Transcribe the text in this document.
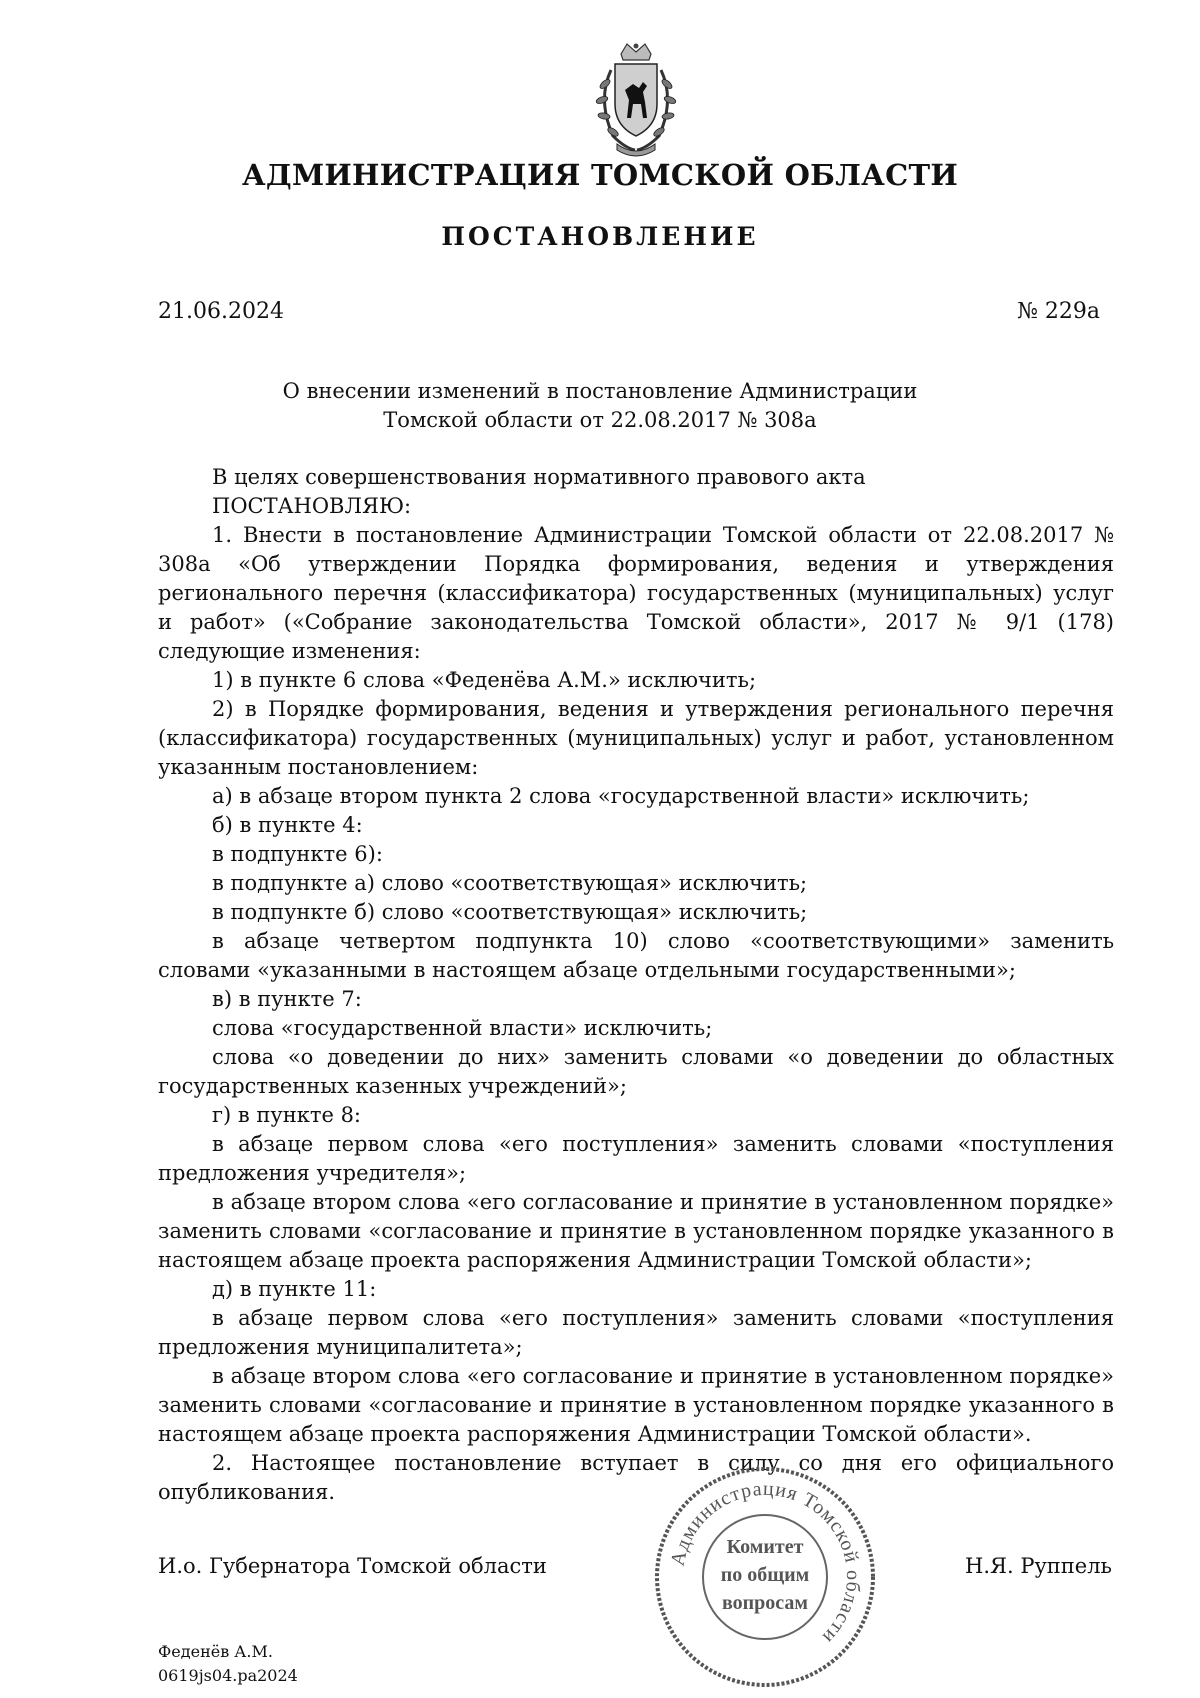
АДМИНИСТРАЦИЯ ТОМСКОЙ ОБЛАСТИ
ПОСТАНОВЛЕНИЕ
21.06.2024	№ 229а
О внесении изменений в постановление Администрации
Томской области от 22.08.2017 № 308а

В целях совершенствования нормативного правового акта

ПОСТАНОВЛЯЮ:

1. Внести в постановление Администрации Томской области от 22.08.2017 № 308а «Об утверждении Порядка формирования, ведения и утверждения регионального перечня (классификатора) государственных (муниципальных) услуг и работ» («Собрание законодательства Томской области», 2017 № 9/1 (178) следующие изменения:

1) в пункте 6 слова «Феденёва А.М.» исключить;

2) в Порядке формирования, ведения и утверждения регионального перечня (классификатора) государственных (муниципальных) услуг и работ, установленном указанным постановлением:

а) в абзаце втором пункта 2 слова «государственной власти» исключить;

б) в пункте 4:

в подпункте 6):

в подпункте а) слово «соответствующая» исключить;

в подпункте б) слово «соответствующая» исключить;

в абзаце четвертом подпункта 10) слово «соответствующими» заменить словами «указанными в настоящем абзаце отдельными государственными»;

в) в пункте 7:

слова «государственной власти» исключить;

слова «о доведении до них» заменить словами «о доведении до областных государственных казенных учреждений»;

г) в пункте 8:

в абзаце первом слова «его поступления» заменить словами «поступления предложения учредителя»;

в абзаце втором слова «его согласование и принятие в установленном порядке» заменить словами «согласование и принятие в установленном порядке указанного в настоящем абзаце проекта распоряжения Администрации Томской области»;

д) в пункте 11:

в абзаце первом слова «его поступления» заменить словами «поступления предложения муниципалитета»;

в абзаце втором слова «его согласование и принятие в установленном порядке» заменить словами «согласование и принятие в установленном порядке указанного в настоящем абзаце проекта распоряжения Администрации Томской области».

2. Настоящее постановление вступает в силу со дня его официального опубликования.

Администрация Томской области
Комитет
по общим
вопросам
И.о. Губернатора Томской области	Н.Я. Руппель
Феденёв А.М.
0619js04.pa2024
